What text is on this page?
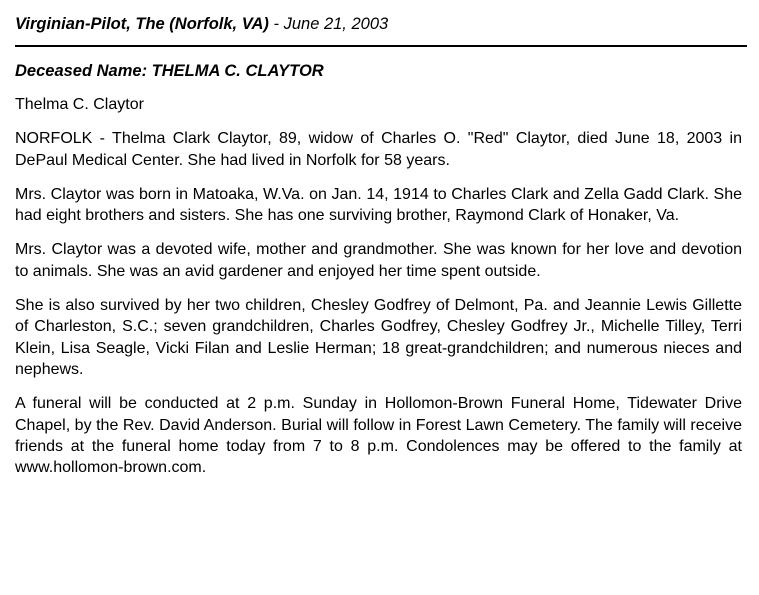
Virginian-Pilot, The (Norfolk, VA) - June 21, 2003
Deceased Name: THELMA C. CLAYTOR
Thelma C. Claytor

NORFOLK - Thelma Clark Claytor, 89, widow of Charles O. "Red" Claytor, died June 18, 2003 in DePaul Medical Center. She had lived in Norfolk for 58 years.

Mrs. Claytor was born in Matoaka, W.Va. on Jan. 14, 1914 to Charles Clark and Zella Gadd Clark. She had eight brothers and sisters. She has one surviving brother, Raymond Clark of Honaker, Va.

Mrs. Claytor was a devoted wife, mother and grandmother. She was known for her love and devotion to animals. She was an avid gardener and enjoyed her time spent outside.

She is also survived by her two children, Chesley Godfrey of Delmont, Pa. and Jeannie Lewis Gillette of Charleston, S.C.; seven grandchildren, Charles Godfrey, Chesley Godfrey Jr., Michelle Tilley, Terri Klein, Lisa Seagle, Vicki Filan and Leslie Herman; 18 great-grandchildren; and numerous nieces and nephews.

A funeral will be conducted at 2 p.m. Sunday in Hollomon-Brown Funeral Home, Tidewater Drive Chapel, by the Rev. David Anderson. Burial will follow in Forest Lawn Cemetery. The family will receive friends at the funeral home today from 7 to 8 p.m. Condolences may be offered to the family at www.hollomon-brown.com.
